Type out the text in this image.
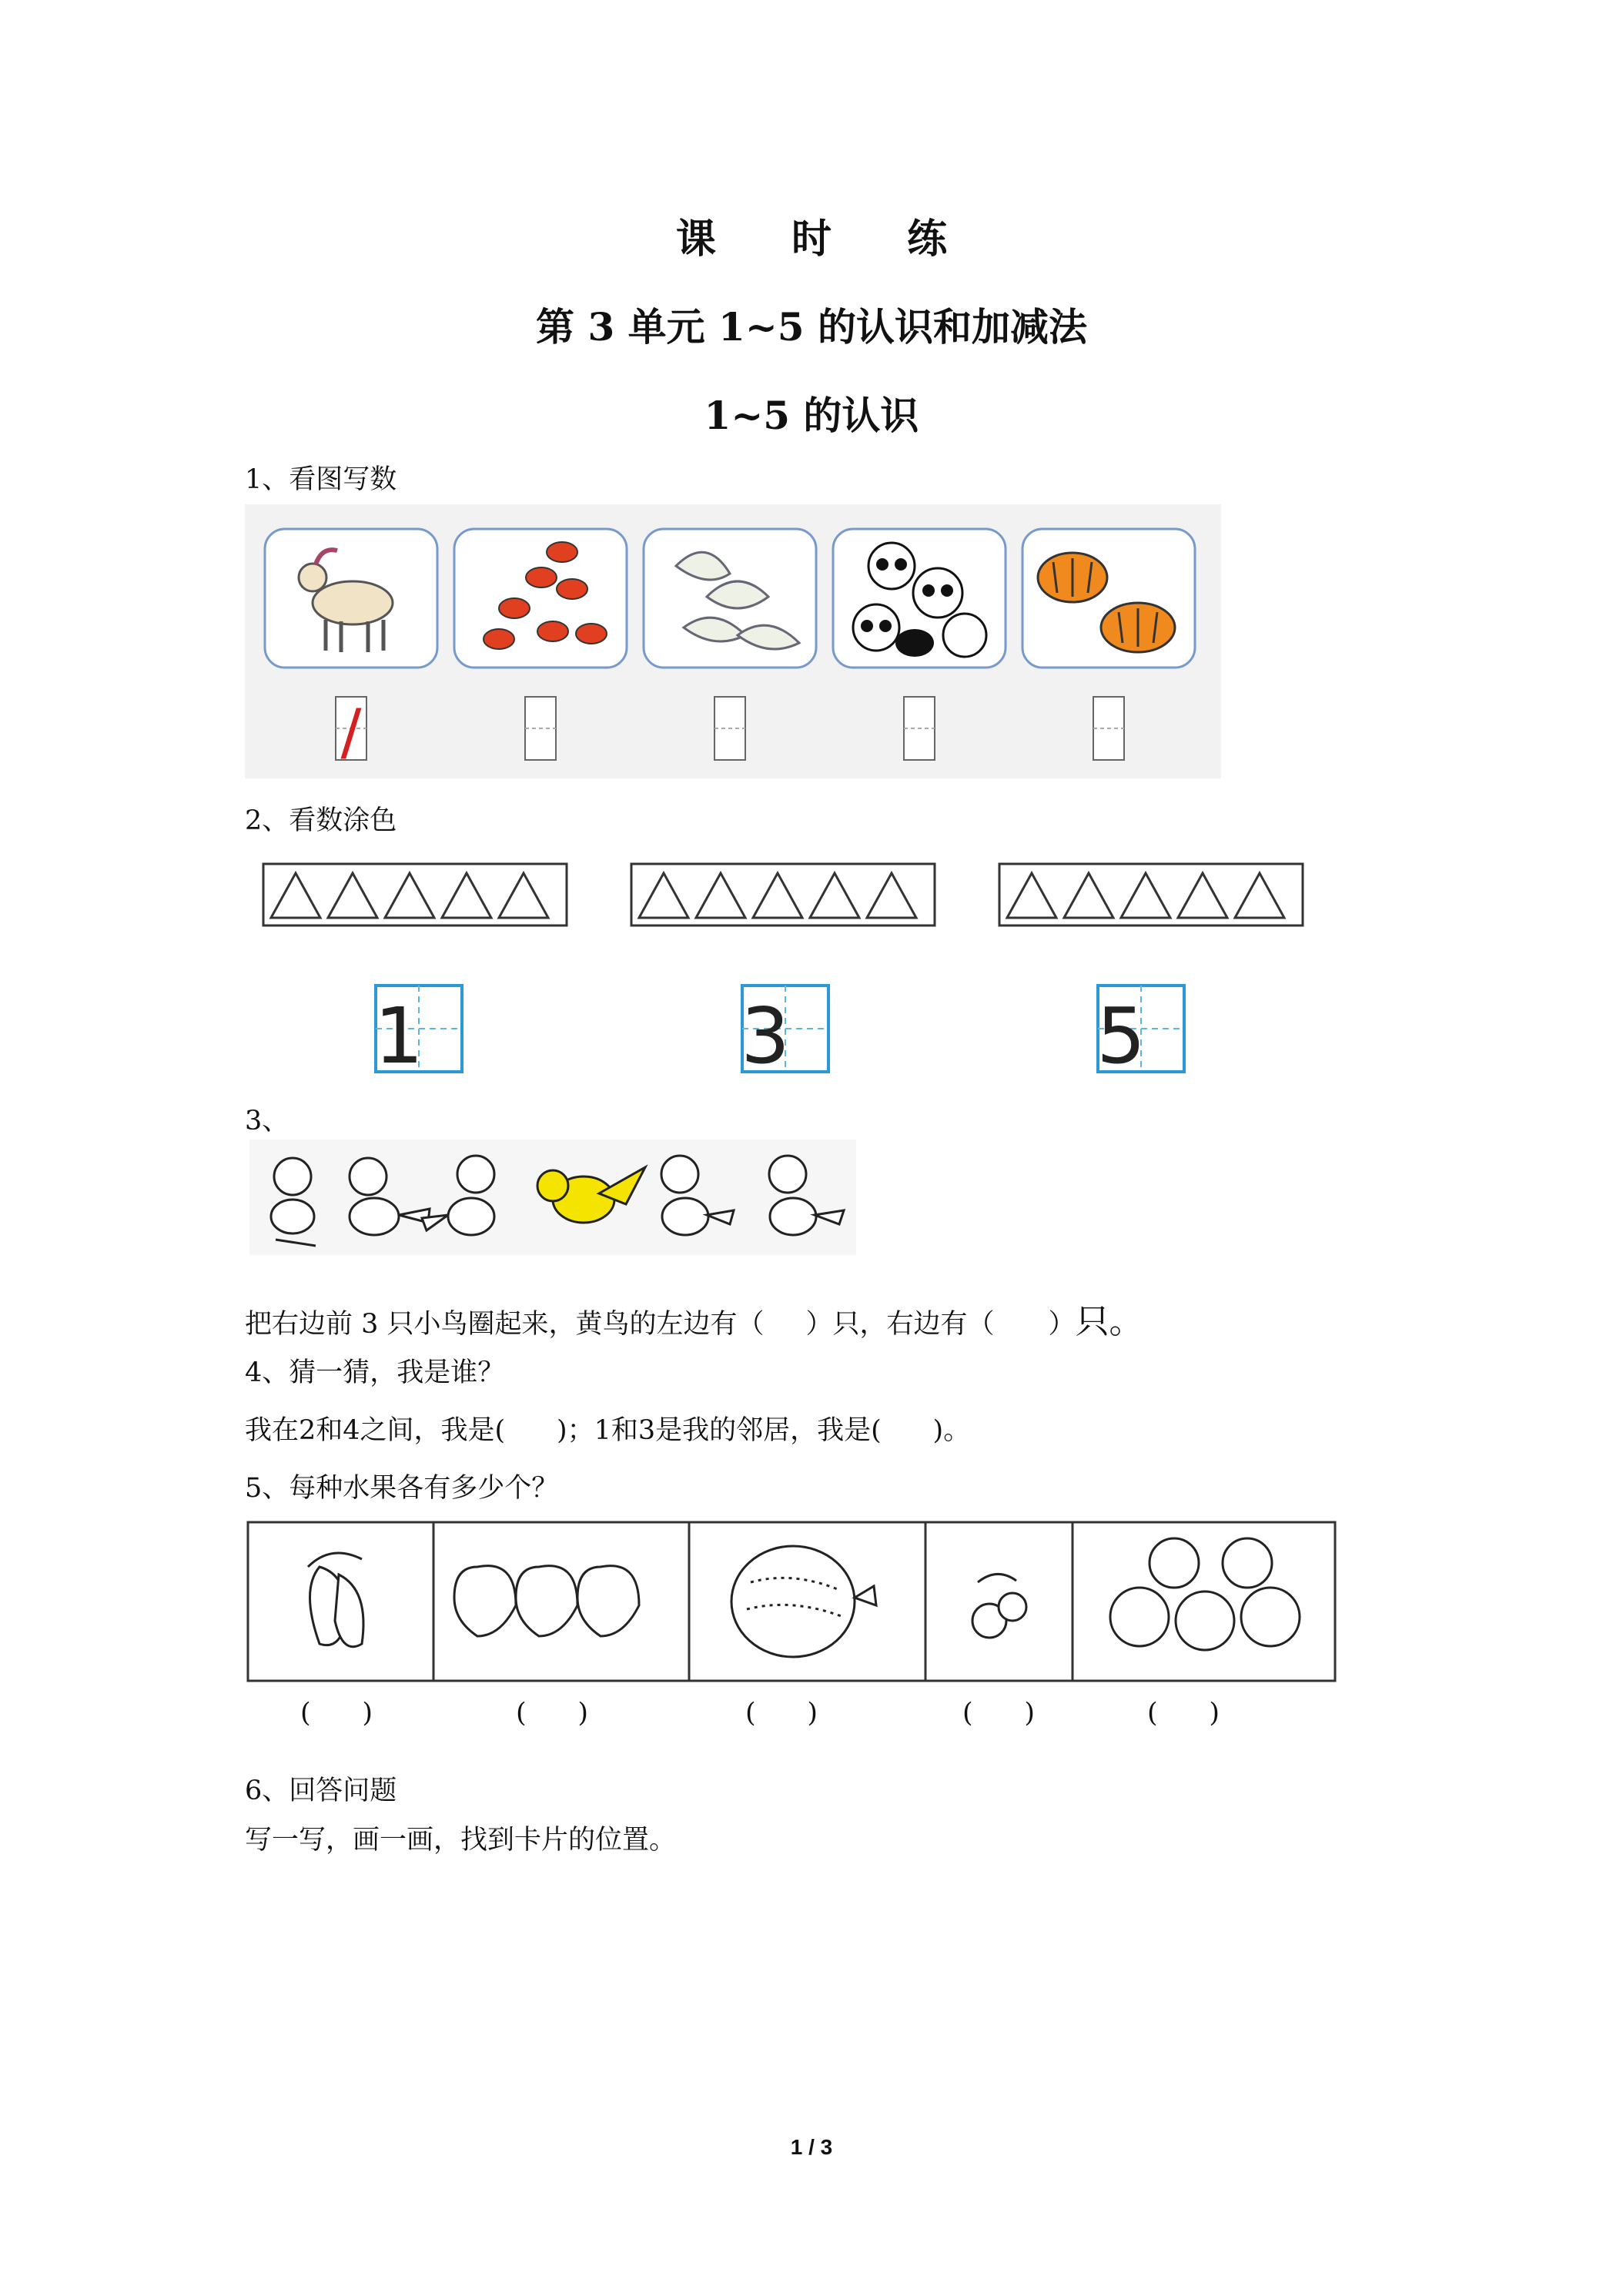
课 时 练
第 3 单元 1~5 的认识和加减法
1~5 的认识
1、看图写数
/
2、看数涂色
1	3	5
3、
把右边前 3 只小鸟圈起来，黄鸟的左边有（ ）只，右边有（ ）只。
4、猜一猜，我是谁？
我在2和4之间，我是(      )；1和3是我的邻居，我是(      )。
5、每种水果各有多少个？
(      )	(      )	(      )	(      )	(      )
6、回答问题
写一写，画一画，找到卡片的位置。
1 / 3
